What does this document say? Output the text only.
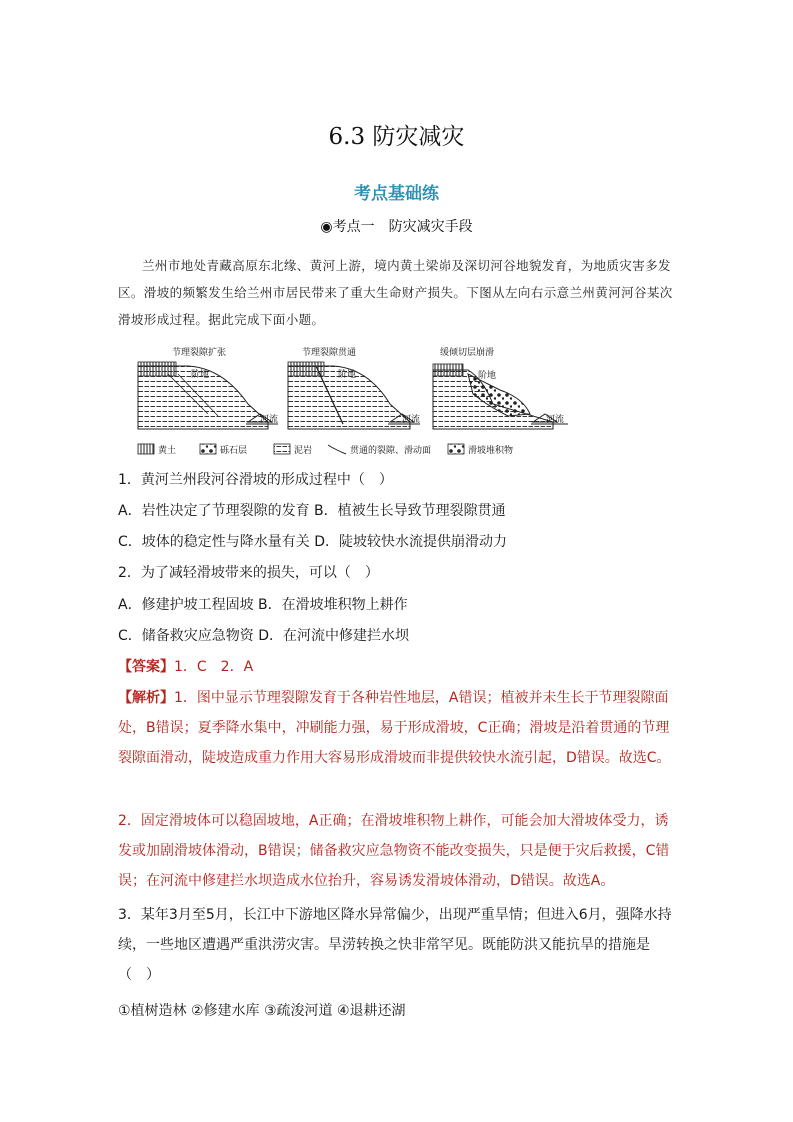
6.3 防灾减灾
考点基础练
◉考点一　防灾减灾手段
兰州市地处青藏高原东北缘、黄河上游，境内黄土梁峁及深切河谷地貌发育，为地质灾害多发区。滑坡的频繁发生给兰州市居民带来了重大生命财产损失。下图从左向右示意兰州黄河河谷某次滑坡形成过程。据此完成下面小题。
节理裂隙扩张
阶地
河流
节理裂隙贯通
阶地
河流
缓倾切层崩滑
阶地
河流
黄土	砾石层	泥岩	贯通的裂隙、滑动面	滑坡堆积物
1．黄河兰州段河谷滑坡的形成过程中（　）
A．岩性决定了节理裂隙的发育 B．植被生长导致节理裂隙贯通
C．坡体的稳定性与降水量有关 D．陡坡较快水流提供崩滑动力
2．为了减轻滑坡带来的损失，可以（　）
A．修建护坡工程固坡 B．在滑坡堆积物上耕作
C．储备救灾应急物资 D．在河流中修建拦水坝
【答案】1．C　2．A
【解析】1．图中显示节理裂隙发育于各种岩性地层，A错误；植被并未生长于节理裂隙面处，B错误；夏季降水集中，冲刷能力强，易于形成滑坡，C正确；滑坡是沿着贯通的节理裂隙面滑动，陡坡造成重力作用大容易形成滑坡而非提供较快水流引起，D错误。故选C。
2．固定滑坡体可以稳固坡地，A正确；在滑坡堆积物上耕作，可能会加大滑坡体受力，诱发或加剧滑坡体滑动，B错误；储备救灾应急物资不能改变损失，只是便于灾后救援，C错误；在河流中修建拦水坝造成水位抬升，容易诱发滑坡体滑动，D错误。故选A。
3．某年3月至5月，长江中下游地区降水异常偏少，出现严重旱情；但进入6月，强降水持续，一些地区遭遇严重洪涝灾害。旱涝转换之快非常罕见。既能防洪又能抗旱的措施是（　）
①植树造林 ②修建水库 ③疏浚河道 ④退耕还湖
